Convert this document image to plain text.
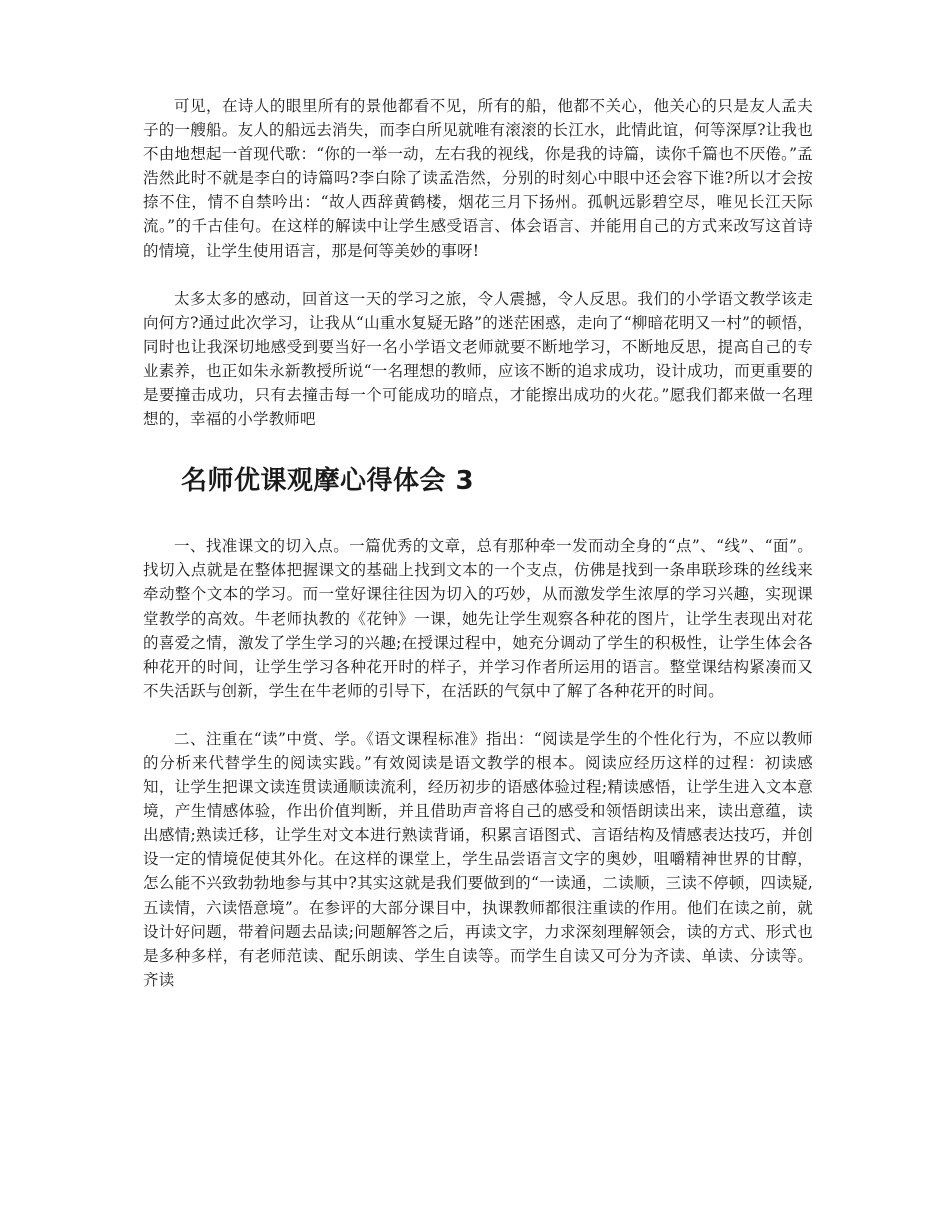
可见，在诗人的眼里所有的景他都看不见，所有的船，他都不关心，他关心的只是友人孟夫子的一艘船。友人的船远去消失，而李白所见就唯有滚滚的长江水，此情此谊，何等深厚?让我也不由地想起一首现代歌：“你的一举一动，左右我的视线，你是我的诗篇，读你千篇也不厌倦。”孟浩然此时不就是李白的诗篇吗?李白除了读孟浩然，分别的时刻心中眼中还会容下谁?所以才会按捺不住，情不自禁吟出：“故人西辞黄鹤楼，烟花三月下扬州。孤帆远影碧空尽，唯见长江天际流。”的千古佳句。在这样的解读中让学生感受语言、体会语言、并能用自己的方式来改写这首诗的情境，让学生使用语言，那是何等美妙的事呀!

太多太多的感动，回首这一天的学习之旅，令人震撼，令人反思。我们的小学语文教学该走向何方?通过此次学习，让我从“山重水复疑无路”的迷茫困惑，走向了“柳暗花明又一村”的顿悟，同时也让我深切地感受到要当好一名小学语文老师就要不断地学习，不断地反思，提高自己的专业素养，也正如朱永新教授所说“一名理想的教师，应该不断的追求成功，设计成功，而更重要的是要撞击成功，只有去撞击每一个可能成功的暗点，才能擦出成功的火花。”愿我们都来做一名理想的，幸福的小学教师吧

名师优课观摩心得体会 3

一、找准课文的切入点。一篇优秀的文章，总有那种牵一发而动全身的“点”、“线”、“面”。找切入点就是在整体把握课文的基础上找到文本的一个支点，仿佛是找到一条串联珍珠的丝线来牵动整个文本的学习。而一堂好课往往因为切入的巧妙，从而激发学生浓厚的学习兴趣，实现课堂教学的高效。牛老师执教的《花钟》一课，她先让学生观察各种花的图片，让学生表现出对花的喜爱之情，激发了学生学习的兴趣;在授课过程中，她充分调动了学生的积极性，让学生体会各种花开的时间，让学生学习各种花开时的样子，并学习作者所运用的语言。整堂课结构紧凑而又不失活跃与创新，学生在牛老师的引导下，在活跃的气氛中了解了各种花开的时间。

二、注重在“读”中赏、学。《语文课程标准》指出：“阅读是学生的个性化行为，不应以教师的分析来代替学生的阅读实践。”有效阅读是语文教学的根本。阅读应经历这样的过程：初读感知，让学生把课文读连贯读通顺读流利，经历初步的语感体验过程;精读感悟，让学生进入文本意境，产生情感体验，作出价值判断，并且借助声音将自己的感受和领悟朗读出来，读出意蕴，读出感情;熟读迁移，让学生对文本进行熟读背诵，积累言语图式、言语结构及情感表达技巧，并创设一定的情境促使其外化。在这样的课堂上，学生品尝语言文字的奥妙，咀嚼精神世界的甘醇，怎么能不兴致勃勃地参与其中?其实这就是我们要做到的“一读通，二读顺，三读不停顿，四读疑,五读情，六读悟意境”。在参评的大部分课目中，执课教师都很注重读的作用。他们在读之前，就设计好问题，带着问题去品读;问题解答之后，再读文字，力求深刻理解领会，读的方式、形式也是多种多样，有老师范读、配乐朗读、学生自读等。而学生自读又可分为齐读、单读、分读等。齐读
